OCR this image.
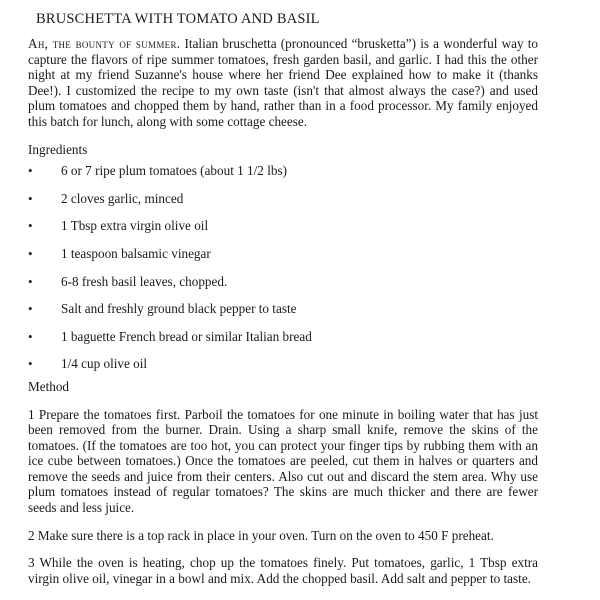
BRUSCHETTA WITH TOMATO AND BASIL

Ah, the bounty of summer. Italian bruschetta (pronounced “brusketta”) is a wonderful way to capture the flavors of ripe summer tomatoes, fresh garden basil, and garlic. I had this the other night at my friend Suzanne's house where her friend Dee explained how to make it (thanks Dee!). I customized the recipe to my own taste (isn't that almost always the case?) and used plum tomatoes and chopped them by hand, rather than in a food processor. My family enjoyed this batch for lunch, along with some cottage cheese.

Ingredients
•	6 or 7 ripe plum tomatoes (about 1 1/2 lbs)
•	2 cloves garlic, minced
•	1 Tbsp extra virgin olive oil
•	1 teaspoon balsamic vinegar
•	6-8 fresh basil leaves, chopped.
•	Salt and freshly ground black pepper to taste
•	1 baguette French bread or similar Italian bread
•	1/4 cup olive oil
Method

1 Prepare the tomatoes first. Parboil the tomatoes for one minute in boiling water that has just been removed from the burner. Drain. Using a sharp small knife, remove the skins of the tomatoes. (If the tomatoes are too hot, you can protect your finger tips by rubbing them with an ice cube between tomatoes.) Once the tomatoes are peeled, cut them in halves or quarters and remove the seeds and juice from their centers. Also cut out and discard the stem area. Why use plum tomatoes instead of regular tomatoes? The skins are much thicker and there are fewer seeds and less juice.

2 Make sure there is a top rack in place in your oven. Turn on the oven to 450 F preheat.

3 While the oven is heating, chop up the tomatoes finely. Put tomatoes, garlic, 1 Tbsp extra virgin olive oil, vinegar in a bowl and mix. Add the chopped basil. Add salt and pepper to taste.
